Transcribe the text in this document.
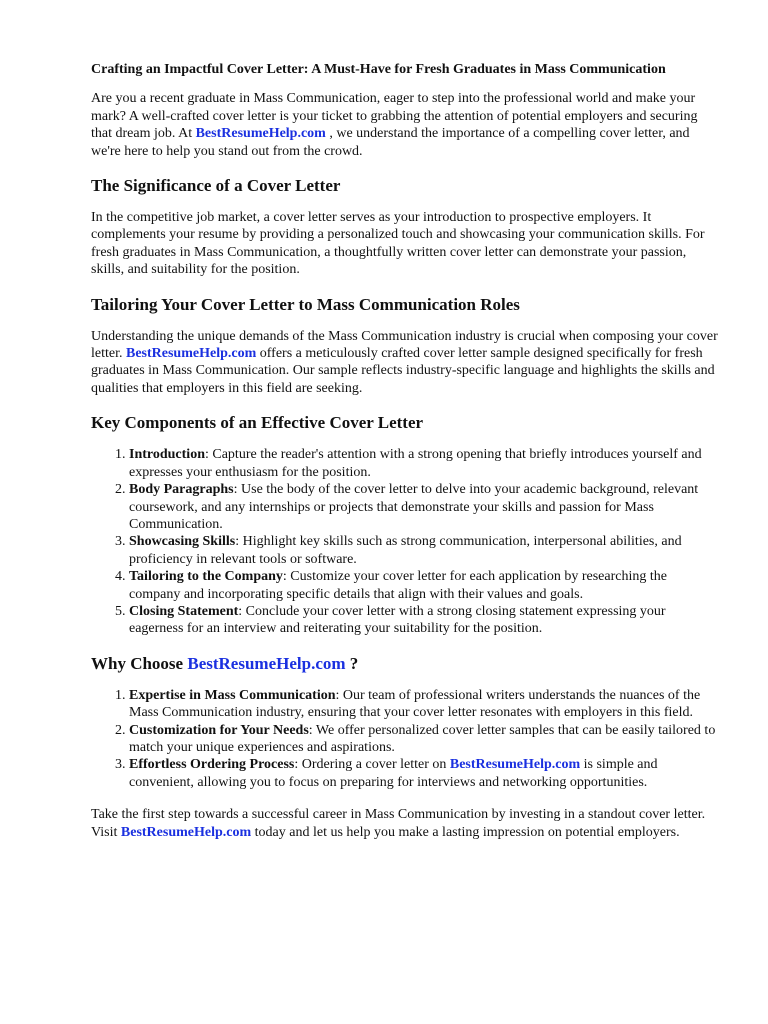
Crafting an Impactful Cover Letter: A Must-Have for Fresh Graduates in Mass Communication

Are you a recent graduate in Mass Communication, eager to step into the professional world and make your mark? A well-crafted cover letter is your ticket to grabbing the attention of potential employers and securing that dream job. At BestResumeHelp.com , we understand the importance of a compelling cover letter, and we're here to help you stand out from the crowd.

The Significance of a Cover Letter

In the competitive job market, a cover letter serves as your introduction to prospective employers. It complements your resume by providing a personalized touch and showcasing your communication skills. For fresh graduates in Mass Communication, a thoughtfully written cover letter can demonstrate your passion, skills, and suitability for the position.

Tailoring Your Cover Letter to Mass Communication Roles

Understanding the unique demands of the Mass Communication industry is crucial when composing your cover letter. BestResumeHelp.com offers a meticulously crafted cover letter sample designed specifically for fresh graduates in Mass Communication. Our sample reflects industry-specific language and highlights the skills and qualities that employers in this field are seeking.

Key Components of an Effective Cover Letter
1. Introduction: Capture the reader's attention with a strong opening that briefly introduces yourself and expresses your enthusiasm for the position.
2. Body Paragraphs: Use the body of the cover letter to delve into your academic background, relevant coursework, and any internships or projects that demonstrate your skills and passion for Mass Communication.
3. Showcasing Skills: Highlight key skills such as strong communication, interpersonal abilities, and proficiency in relevant tools or software.
4. Tailoring to the Company: Customize your cover letter for each application by researching the company and incorporating specific details that align with their values and goals.
5. Closing Statement: Conclude your cover letter with a strong closing statement expressing your eagerness for an interview and reiterating your suitability for the position.
Why Choose BestResumeHelp.com ?
1. Expertise in Mass Communication: Our team of professional writers understands the nuances of the Mass Communication industry, ensuring that your cover letter resonates with employers in this field.
2. Customization for Your Needs: We offer personalized cover letter samples that can be easily tailored to match your unique experiences and aspirations.
3. Effortless Ordering Process: Ordering a cover letter on BestResumeHelp.com is simple and convenient, allowing you to focus on preparing for interviews and networking opportunities.

Take the first step towards a successful career in Mass Communication by investing in a standout cover letter. Visit BestResumeHelp.com today and let us help you make a lasting impression on potential employers.
